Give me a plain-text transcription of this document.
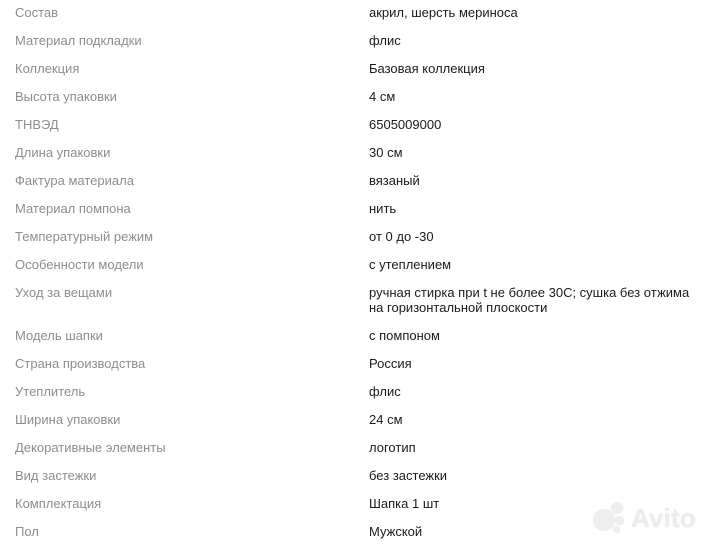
Состав	акрил, шерсть мериноса
Материал подкладки	флис
Коллекция	Базовая коллекция
Высота упаковки	4 см
ТНВЭД	6505009000
Длина упаковки	30 см
Фактура материала	вязаный
Материал помпона	нить
Температурный режим	от 0 до -30
Особенности модели	с утеплением
Уход за вещами	ручная стирка при t не более 30С; сушка без отжима на горизонтальной плоскости
Модель шапки	с помпоном
Страна производства	Россия
Утеплитель	флис
Ширина упаковки	24 см
Декоративные элементы	логотип
Вид застежки	без застежки
Комплектация	Шапка 1 шт
Пол	Мужской	Avito
